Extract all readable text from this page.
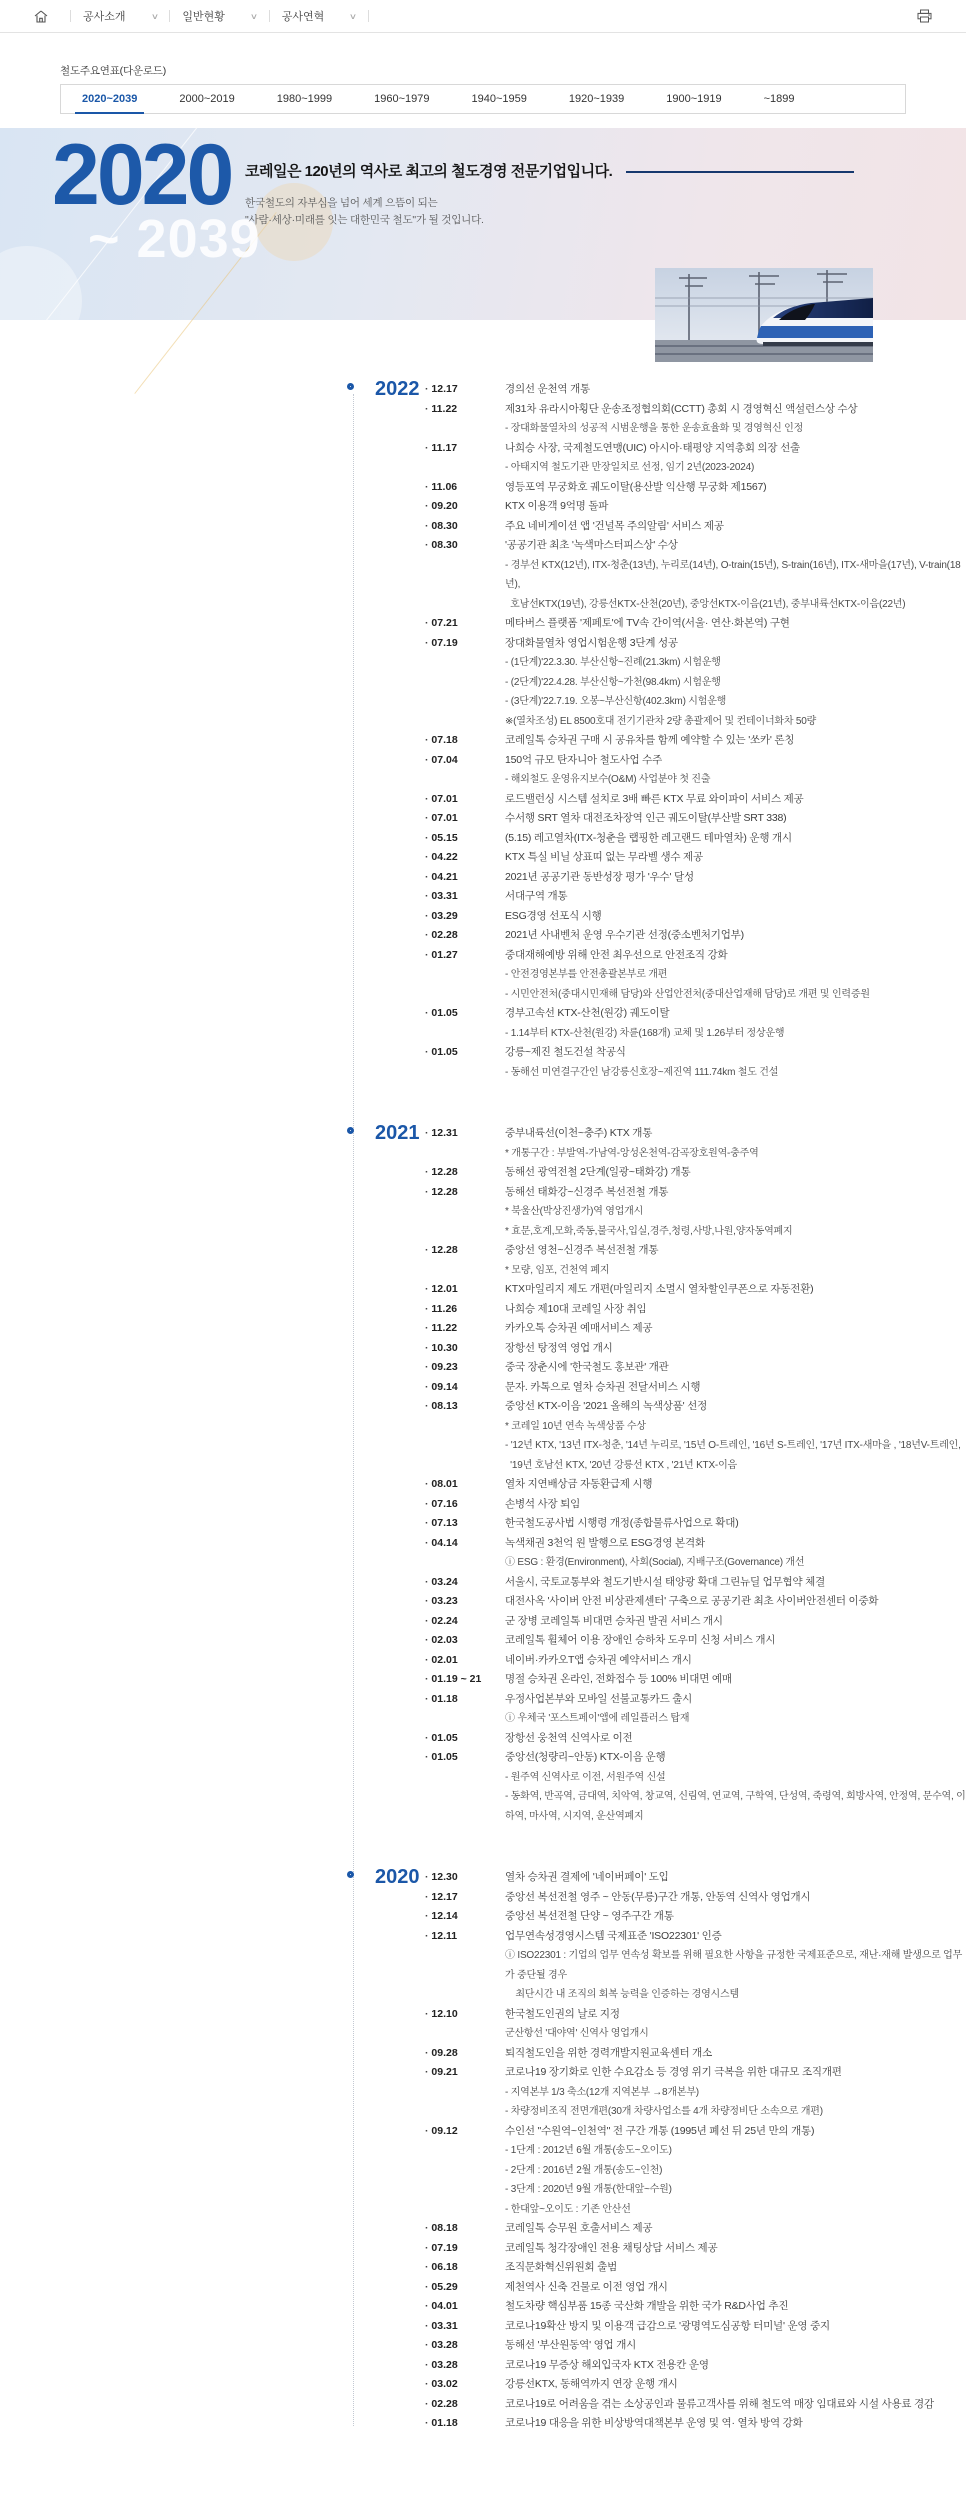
공사소개	∨ 일반현황	∨ 공사연혁	∨
철도주요연표(다운로드)
2020~2039	2000~2019	1980~1999	1960~1979	1940~1959	1920~1939	1900~1919	~1899
2020
~ 2039
코레일은 120년의 역사로 최고의 철도경영 전문기업입니다.
한국철도의 자부심을 넘어 세계 으뜸이 되는
"사람·세상·미래를 잇는 대한민국 철도"가 될 것입니다.
2022	· 12.17	경의선 운천역 개통
· 11.22	제31차 유라시아횡단 운송조정협의회(CCTT) 총회 시 경영혁신 액설런스상 수상
- 장대화물열차의 성공적 시범운행을 통한 운송효율화 및 경영혁신 인정
· 11.17	나희승 사장, 국제철도연맹(UIC) 아시아·태평양 지역총회 의장 선출
- 아태지역 철도기관 만장일치로 선정, 임기 2년(2023-2024)
· 11.06	영등포역 무궁화호 궤도이탈(용산발 익산행 무궁화 제1567)
· 09.20	KTX 이용객 9억명 돌파
· 08.30	주요 네비게이션 앱 '건널목 주의알림' 서비스 제공
· 08.30	'공공기관 최초 '녹색마스터피스상' 수상
- 경부선 KTX(12년), ITX-청춘(13년), 누리로(14년), O-train(15년), S-train(16년), ITX-새마을(17년), V-train(18년),
호남선KTX(19년), 강릉선KTX-산천(20년), 중앙선KTX-이음(21년), 중부내륙선KTX-이음(22년)
· 07.21	메타버스 플랫폼 '제페토'에 TV속 간이역(서울· 연산·화본역) 구현
· 07.19	장대화물열차 영업시험운행 3단계 성공
- (1단계)'22.3.30. 부산신항~진례(21.3km) 시험운행
- (2단계)'22.4.28. 부산신항~가천(98.4km) 시험운행
- (3단계)'22.7.19. 오봉~부산신항(402.3km) 시험운행
※(열차조성) EL 8500호대 전기기관차 2량 총괄제어 및 컨테이너화차 50량
· 07.18	코레일톡 승차권 구매 시 공유차를 함께 예약할 수 있는 '쏘카' 론칭
· 07.04	150억 규모 탄자니아 철도사업 수주
- 해외철도 운영유지보수(O&M) 사업분야 첫 진출
· 07.01	로드밸런싱 시스템 설치로 3배 빠른 KTX 무료 와이파이 서비스 제공
· 07.01	수서행 SRT 열차 대전조차장역 인근 궤도이탈(부산발 SRT 338)
· 05.15	(5.15) 레고열차(ITX-청춘을 랩핑한 레고랜드 테마열차) 운행 개시
· 04.22	KTX 특실 비닐 상표띠 없는 무라벨 생수 제공
· 04.21	2021년 공공기관 동반성장 평가 '우수' 달성
· 03.31	서대구역 개통
· 03.29	ESG경영 선포식 시행
· 02.28	2021년 사내벤처 운영 우수기관 선정(중소벤처기업부)
· 01.27	중대재해예방 위해 안전 최우선으로 안전조직 강화
- 안전경영본부를 안전총괄본부로 개편
- 시민안전처(중대시민재해 담당)와 산업안전처(중대산업재해 담당)로 개편 및 인력증원
· 01.05	경부고속선 KTX-산천(원강) 궤도이탈
- 1.14부터 KTX-산천(원강) 차륜(168개) 교체 및 1.26부터 정상운행
· 01.05	강릉~제진 철도건설 착공식
- 동해선 미연결구간인 남강릉신호장~제진역 111.74km 철도 건설
2021	· 12.31	중부내륙선(이천~충주) KTX 개통
* 개통구간 : 부발역-가남역-앙성온천역-감곡장호원역-충주역
· 12.28	동해선 광역전철 2단계(일광~태화강) 개통
· 12.28	동해선 태화강~신경주 복선전철 개통
* 북울산(박상진생가)역 영업개시
* 효문,호계,모화,죽동,불국사,입실,경주,청령,사방,나원,양자동역폐지
· 12.28	중앙선 영천~신경주 복선전철 개통
* 모량, 임포, 건천역 폐지
· 12.01	KTX마일리지 제도 개편(마일리지 소멸시 열차할인쿠폰으로 자동전환)
· 11.26	나희승 제10대 코레일 사장 취임
· 11.22	카카오톡 승차권 예매서비스 제공
· 10.30	장항선 탕정역 영업 개시
· 09.23	중국 장춘시에 '한국철도 홍보관' 개관
· 09.14	문자. 카톡으로 열차 승차권 전달서비스 시행
· 08.13	중앙선 KTX-이음 '2021 올해의 녹색상품' 선정
* 코레일 10년 연속 녹색상품 수상
- '12년 KTX, '13년 ITX-청춘, '14년 누리로, '15년 O-트레인, '16년 S-트레인, '17년 ITX-새마을 , '18년V-트레인,
'19년 호남선 KTX, '20년 강릉선 KTX , '21년 KTX-이음
· 08.01	열차 지연배상금 자동환급제 시행
· 07.16	손병석 사장 퇴임
· 07.13	한국철도공사법 시행령 개정(종합물류사업으로 확대)
· 04.14	녹색채권 3천억 원 발행으로 ESG경영 본격화
ⓘ ESG : 환경(Environment), 사회(Social), 지배구조(Governance) 개선
· 03.24	서울시, 국토교통부와 철도기반시설 태양광 확대 그린뉴딜 업무협약 체결
· 03.23	대전사옥 '사이버 안전 비상관제센터' 구축으로 공공기관 최초 사이버안전센터 이중화
· 02.24	군 장병 코레일톡 비대면 승차권 발권 서비스 개시
· 02.03	코레일톡 휠체어 이용 장애인 승하차 도우미 신청 서비스 개시
· 02.01	네이버·카카오T앱 승차권 예약서비스 개시
· 01.19 ~ 21	명절 승차권 온라인, 전화접수 등 100% 비대면 예매
· 01.18	우정사업본부와 모바일 선불교통카드 출시
ⓘ 우체국 '포스트페이'앱에 레일플러스 탑재
· 01.05	장항선 웅천역 신역사로 이전
· 01.05	중앙선(청량리~안동) KTX-이음 운행
- 원주역 신역사로 이전, 서원주역 신설
- 동화역, 반곡역, 금대역, 치악역, 창교역, 신림역, 연교역, 구학역, 단성역, 죽령역, 희방사역, 안정역, 문수역, 이하역, 마사역, 시지역, 운산역폐지
2020	· 12.30	열차 승차권 결제에 '네이버페이' 도입
· 12.17	중앙선 복선전철 영주 ~ 안동(무릉)구간 개통, 안동역 신역사 영업개시
· 12.14	중앙선 복선전철 단양 ~ 영주구간 개통
· 12.11	업무연속성경영시스템 국제표준 'ISO22301' 인증
ⓘ ISO22301 : 기업의 업무 연속성 확보를 위해 필요한 사항을 규정한 국제표준으로, 재난·재해 발생으로 업무가 중단될 경우
최단시간 내 조직의 회복 능력을 인증하는 경영시스템
· 12.10	한국철도인권의 날로 지정
군산항선 '대야역' 신역사 영업개시
· 09.28	퇴직철도인을 위한 경력개발지원교육센터 개소
· 09.21	코로나19 장기화로 인한 수요감소 등 경영 위기 극복을 위한 대규모 조직개편
- 지역본부 1/3 축소(12개 지역본부 →8개본부)
- 차량정비조직 전면개편(30개 차량사업소를 4개 차량정비단 소속으로 개편)
· 09.12	수인선 "수원역~인천역" 전 구간 개통 (1995년 폐선 뒤 25년 만의 개통)
- 1단계 : 2012년 6월 개통(송도~오이도)
- 2단계 : 2016년 2월 개통(송도~인천)
- 3단계 : 2020년 9월 개통(한대앞~수원)
- 한대앞~오이도 : 기존 안산선
· 08.18	코레일톡 승무원 호출서비스 제공
· 07.19	코레일톡 청각장애인 전용 채팅상담 서비스 제공
· 06.18	조직문화혁신위원회 출범
· 05.29	제천역사 신축 건물로 이전 영업 개시
· 04.01	철도차량 핵심부품 15종 국산화 개발을 위한 국가 R&D사업 추진
· 03.31	코로나19확산 방지 및 이용객 급감으로 '광명역도심공항 터미널' 운영 중지
· 03.28	동해선 '부산원동역' 영업 개시
· 03.28	코로나19 무증상 해외입국자 KTX 전용칸 운영
· 03.02	강릉선KTX, 동해역까지 연장 운행 개시
· 02.28	코로나19로 어려움을 겪는 소상공인과 물류고객사를 위해 철도역 매장 임대료와 시설 사용료 경감
· 01.18	코로나19 대응을 위한 비상방역대책본부 운영 및 역· 열차 방역 강화
